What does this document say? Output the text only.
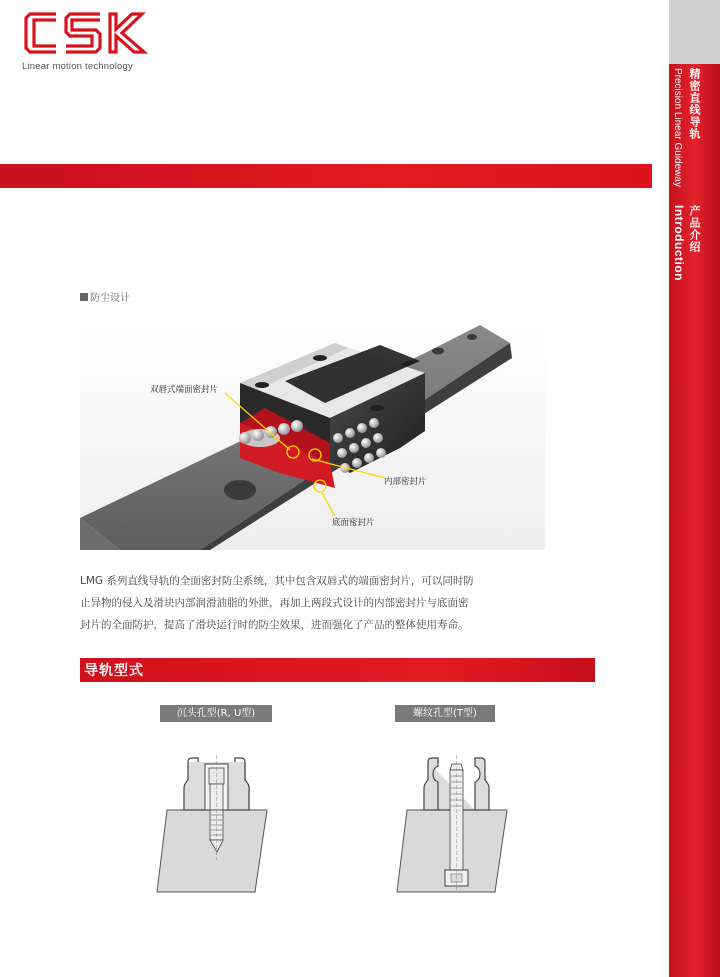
Linear motion technology
精密直线导轨
Precision Linear Guideway
产品介绍
Introduction
防尘设计
双唇式端面密封片
内部密封片
底面密封片

LMG 系列直线导轨的全面密封防尘系统，其中包含双唇式的端面密封片，可以同时防

止异物的侵入及滑块内部润滑油脂的外泄，再加上两段式设计的内部密封片与底面密

封片的全面防护，提高了滑块运行时的防尘效果，进而强化了产品的整体使用寿命。

导轨型式
沉头孔型(R, U型)	螺纹孔型(T型)
